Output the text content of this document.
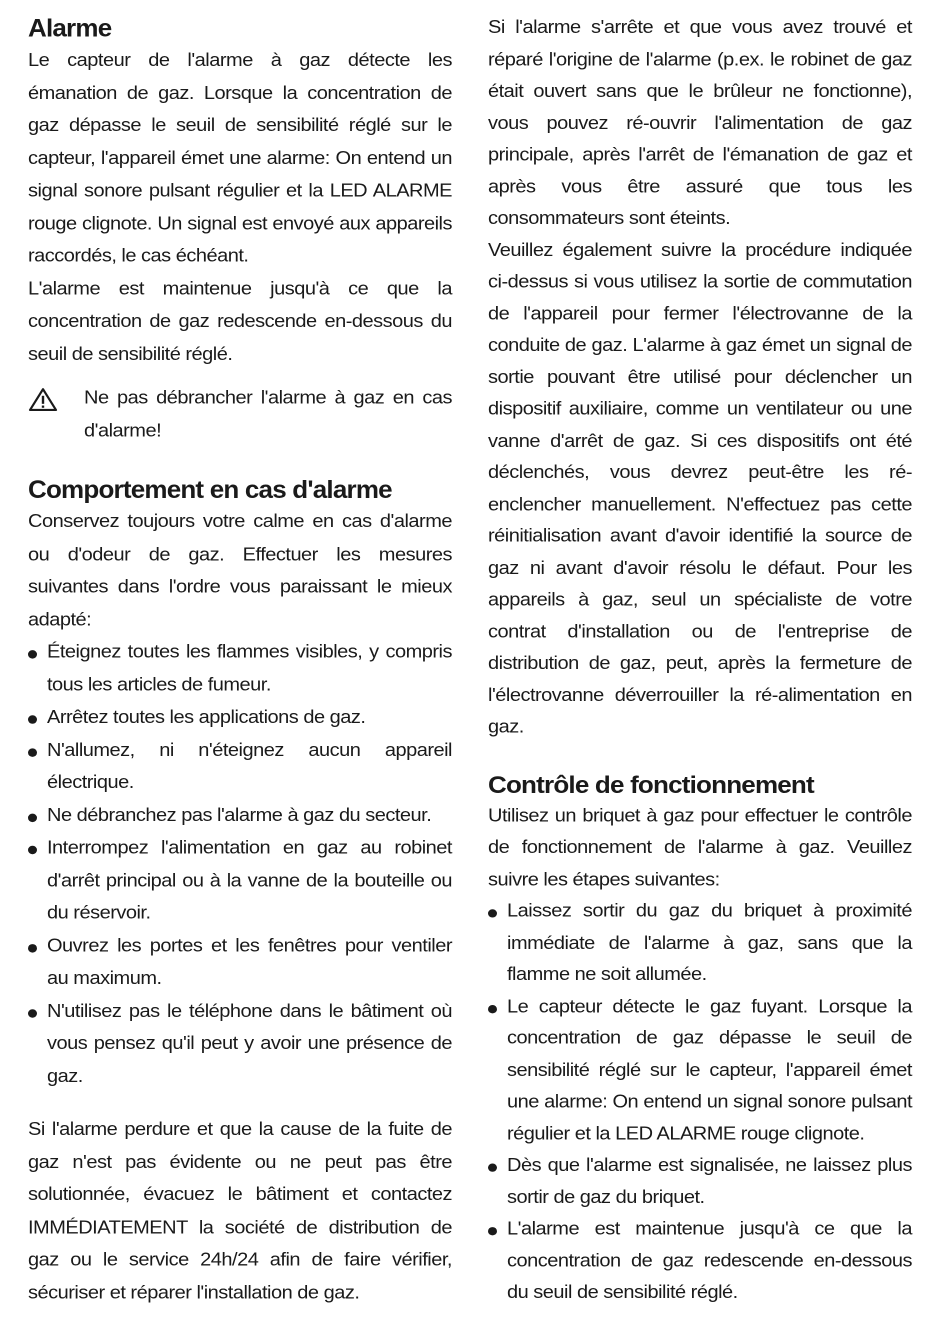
Alarme

Le capteur de l'alarme à gaz détecte les émanation de gaz. Lorsque la concentration de gaz dépasse le seuil de sensibilité réglé sur le capteur, l'appareil émet une alarme: On entend un signal sonore pulsant régulier et la LED ALARME rouge clignote. Un signal est envoyé aux appareils raccordés, le cas échéant.

L'alarme est maintenue jusqu'à ce que la concentration de gaz redescende en-dessous du seuil de sensibilité réglé.

Ne pas débrancher l'alarme à gaz en cas d'alarme!
Comportement en cas d'alarme

Conservez toujours votre calme en cas d'alarme ou d'odeur de gaz. Effectuer les mesures suivantes dans l'ordre vous paraissant le mieux adapté:

Éteignez toutes les flammes visibles, y compris tous les articles de fumeur.
Arrêtez toutes les applications de gaz.
N'allumez, ni n'éteignez aucun appareil électrique.
Ne débranchez pas l'alarme à gaz du secteur.
Interrompez l'alimentation en gaz au robinet d'arrêt principal ou à la vanne de la bouteille ou du réservoir.
Ouvrez les portes et les fenêtres pour ventiler au maximum.
N'utilisez pas le téléphone dans le bâtiment où vous pensez qu'il peut y avoir une présence de gaz.

Si l'alarme perdure et que la cause de la fuite de gaz n'est pas évidente ou ne peut pas être solutionnée, évacuez le bâtiment et contactez IMMÉDIATEMENT la société de distribution de gaz ou le service 24h/24 afin de faire vérifier, sécuriser et réparer l'installation de gaz.

Si l'alarme s'arrête et que vous avez trouvé et réparé l'origine de l'alarme (p.ex. le robinet de gaz était ouvert sans que le brûleur ne fonctionne), vous pouvez ré-ouvrir l'alimentation de gaz principale, après l'arrêt de l'émanation de gaz et après vous être assuré que tous les consommateurs sont éteints.

Veuillez également suivre la procédure indiquée ci-dessus si vous utilisez la sortie de commutation de l'appareil pour fermer l'électrovanne de la conduite de gaz. L'alarme à gaz émet un signal de sortie pouvant être utilisé pour déclencher un dispositif auxiliaire, comme un ventilateur ou une vanne d'arrêt de gaz. Si ces dispositifs ont été déclenchés, vous devrez peut-être les ré-enclencher manuellement. N'effectuez pas cette réinitialisation avant d'avoir identifié la source de gaz ni avant d'avoir résolu le défaut. Pour les appareils à gaz, seul un spécialiste de votre contrat d'installation ou de l'entreprise de distribution de gaz, peut, après la fermeture de l'électrovanne déverrouiller la ré-alimentation en gaz.

Contrôle de fonctionnement

Utilisez un briquet à gaz pour effectuer le contrôle de fonctionnement de l'alarme à gaz. Veuillez suivre les étapes suivantes:

Laissez sortir du gaz du briquet à proximité immédiate de l'alarme à gaz, sans que la flamme ne soit allumée.
Le capteur détecte le gaz fuyant. Lorsque la concentration de gaz dépasse le seuil de sensibilité réglé sur le capteur, l'appareil émet une alarme: On entend un signal sonore pulsant régulier et la LED ALARME rouge clignote.
Dès que l'alarme est signalisée, ne laissez plus sortir de gaz du briquet.
L'alarme est maintenue jusqu'à ce que la concentration de gaz redescende en-dessous du seuil de sensibilité réglé.
